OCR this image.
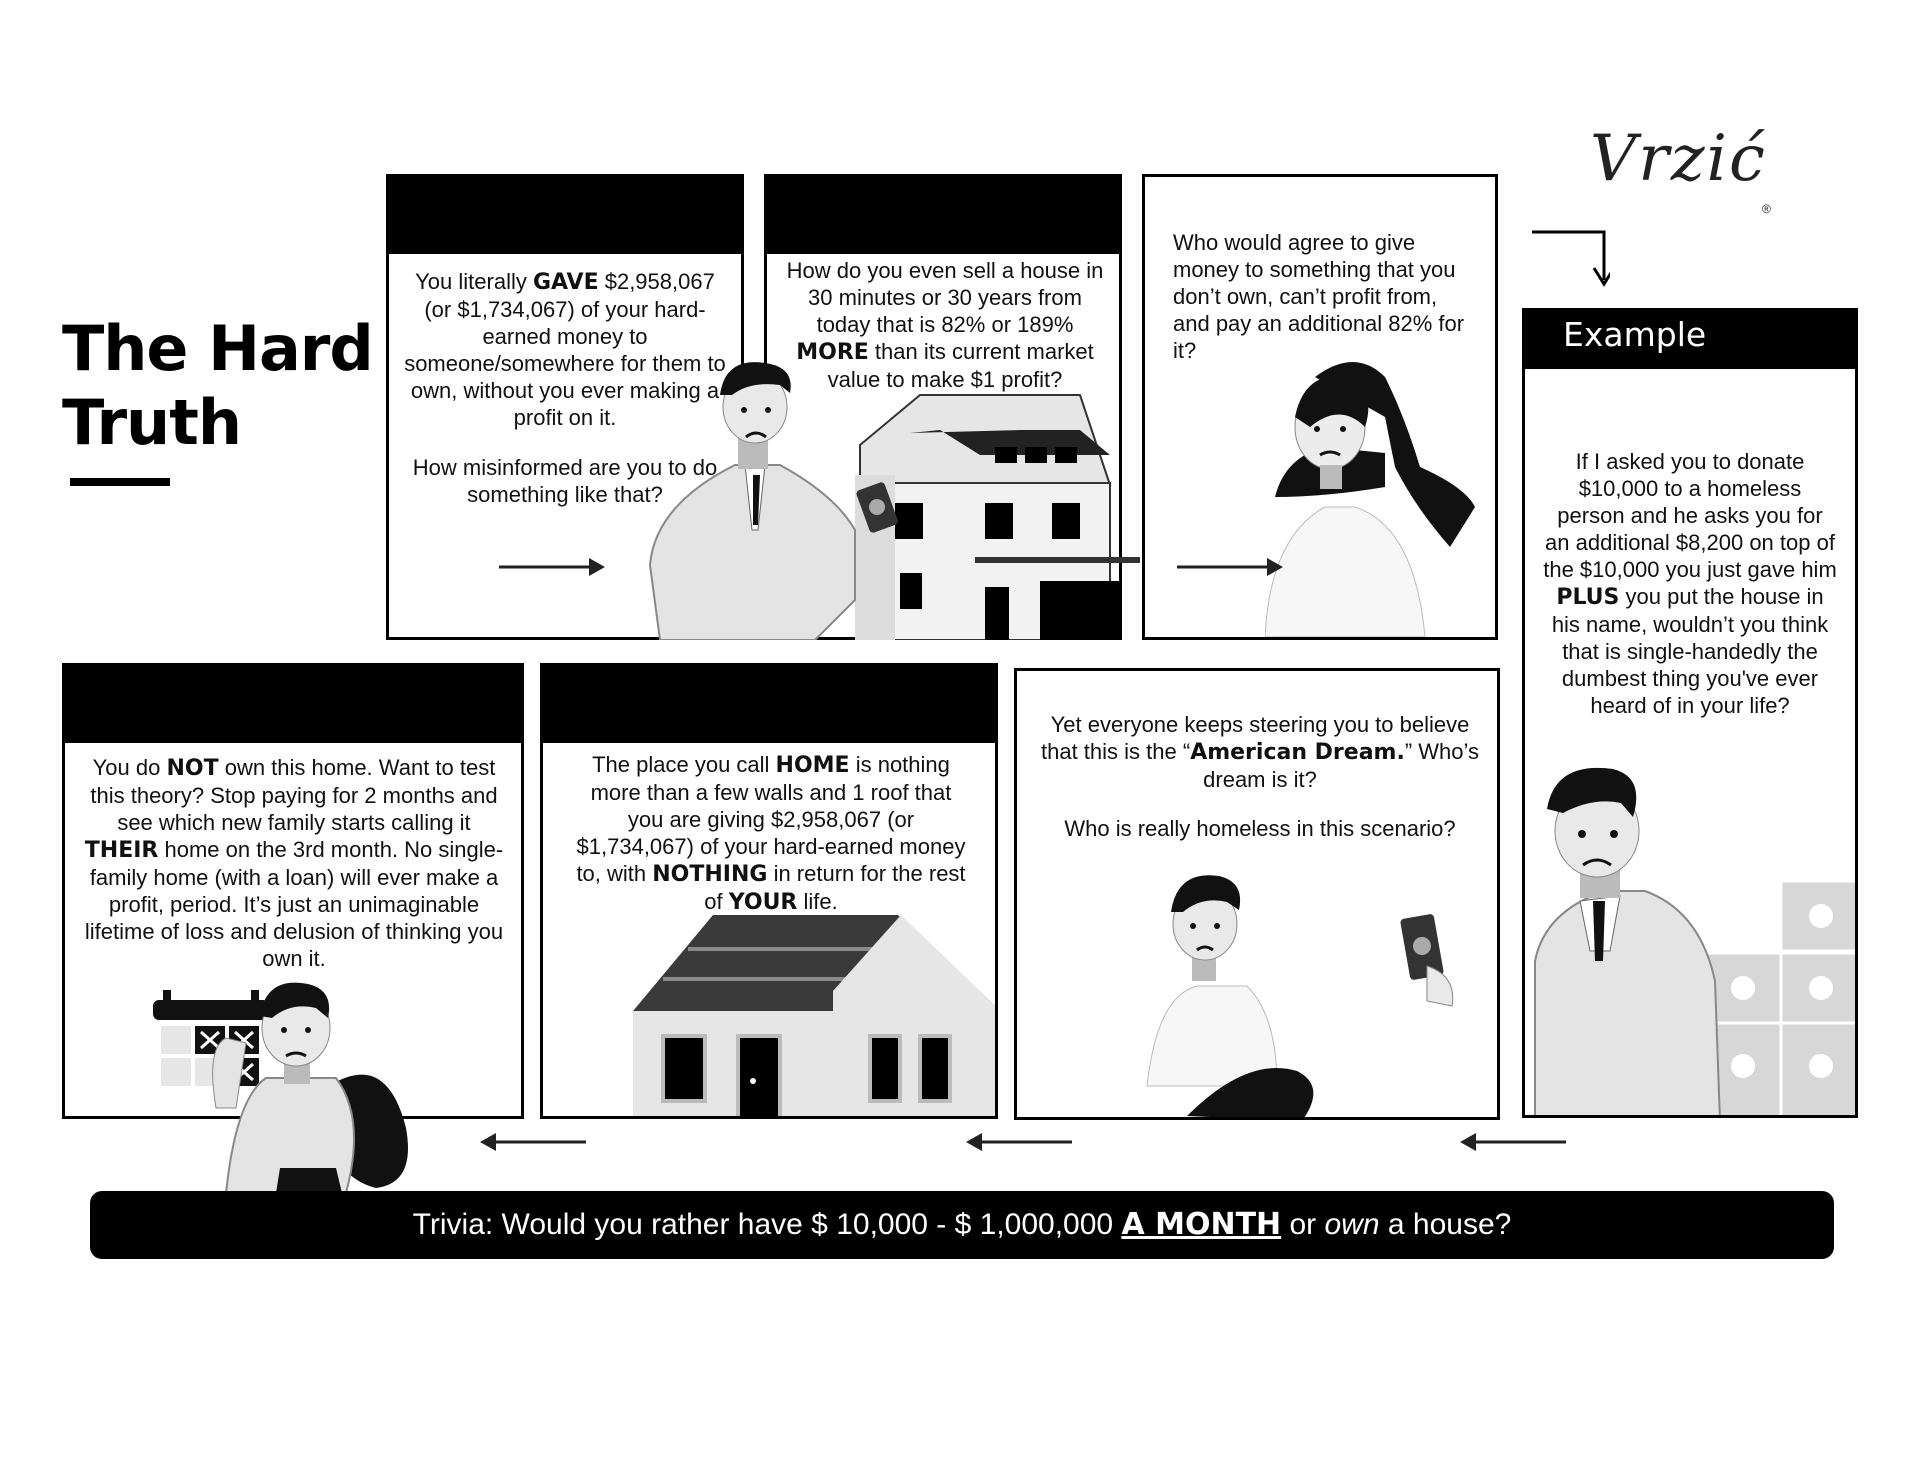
The Hard
Truth
Vrzić
®
You literally GAVE $2,958,067 (or $1,734,067) of your hard-earned money to someone/somewhere for them to own, without you ever making a profit on it.
How misinformed are you to do something like that?
How do you even sell a house in 30 minutes or 30 years from today that is 82% or 189% MORE than its current market value to make $1 profit?
Who would agree to give money to something that you don’t own, can’t profit from, and pay an additional 82% for it?	Example
If I asked you to donate $10,000 to a homeless person and he asks you for an additional $8,200 on top of the $10,000 you just gave him PLUS you put the house in his name, wouldn’t you think that is single-handedly the dumbest thing you've ever heard of in your life?
You do NOT own this home. Want to test this theory? Stop paying for 2 months and see which new family starts calling it THEIR home on the 3rd month. No single-family home (with a loan) will ever make a profit, period. It’s just an unimaginable lifetime of loss and delusion of thinking you own it.
The place you call HOME is nothing more than a few walls and 1 roof that you are giving $2,958,067 (or $1,734,067) of your hard-earned money to, with NOTHING in return for the rest of YOUR life.
Yet everyone keeps steering you to believe that this is the “American Dream.” Who’s dream is it?
Who is really homeless in this scenario?
Trivia: Would you rather have $ 10,000 - $ 1,000,000 A MONTH or own a house?
